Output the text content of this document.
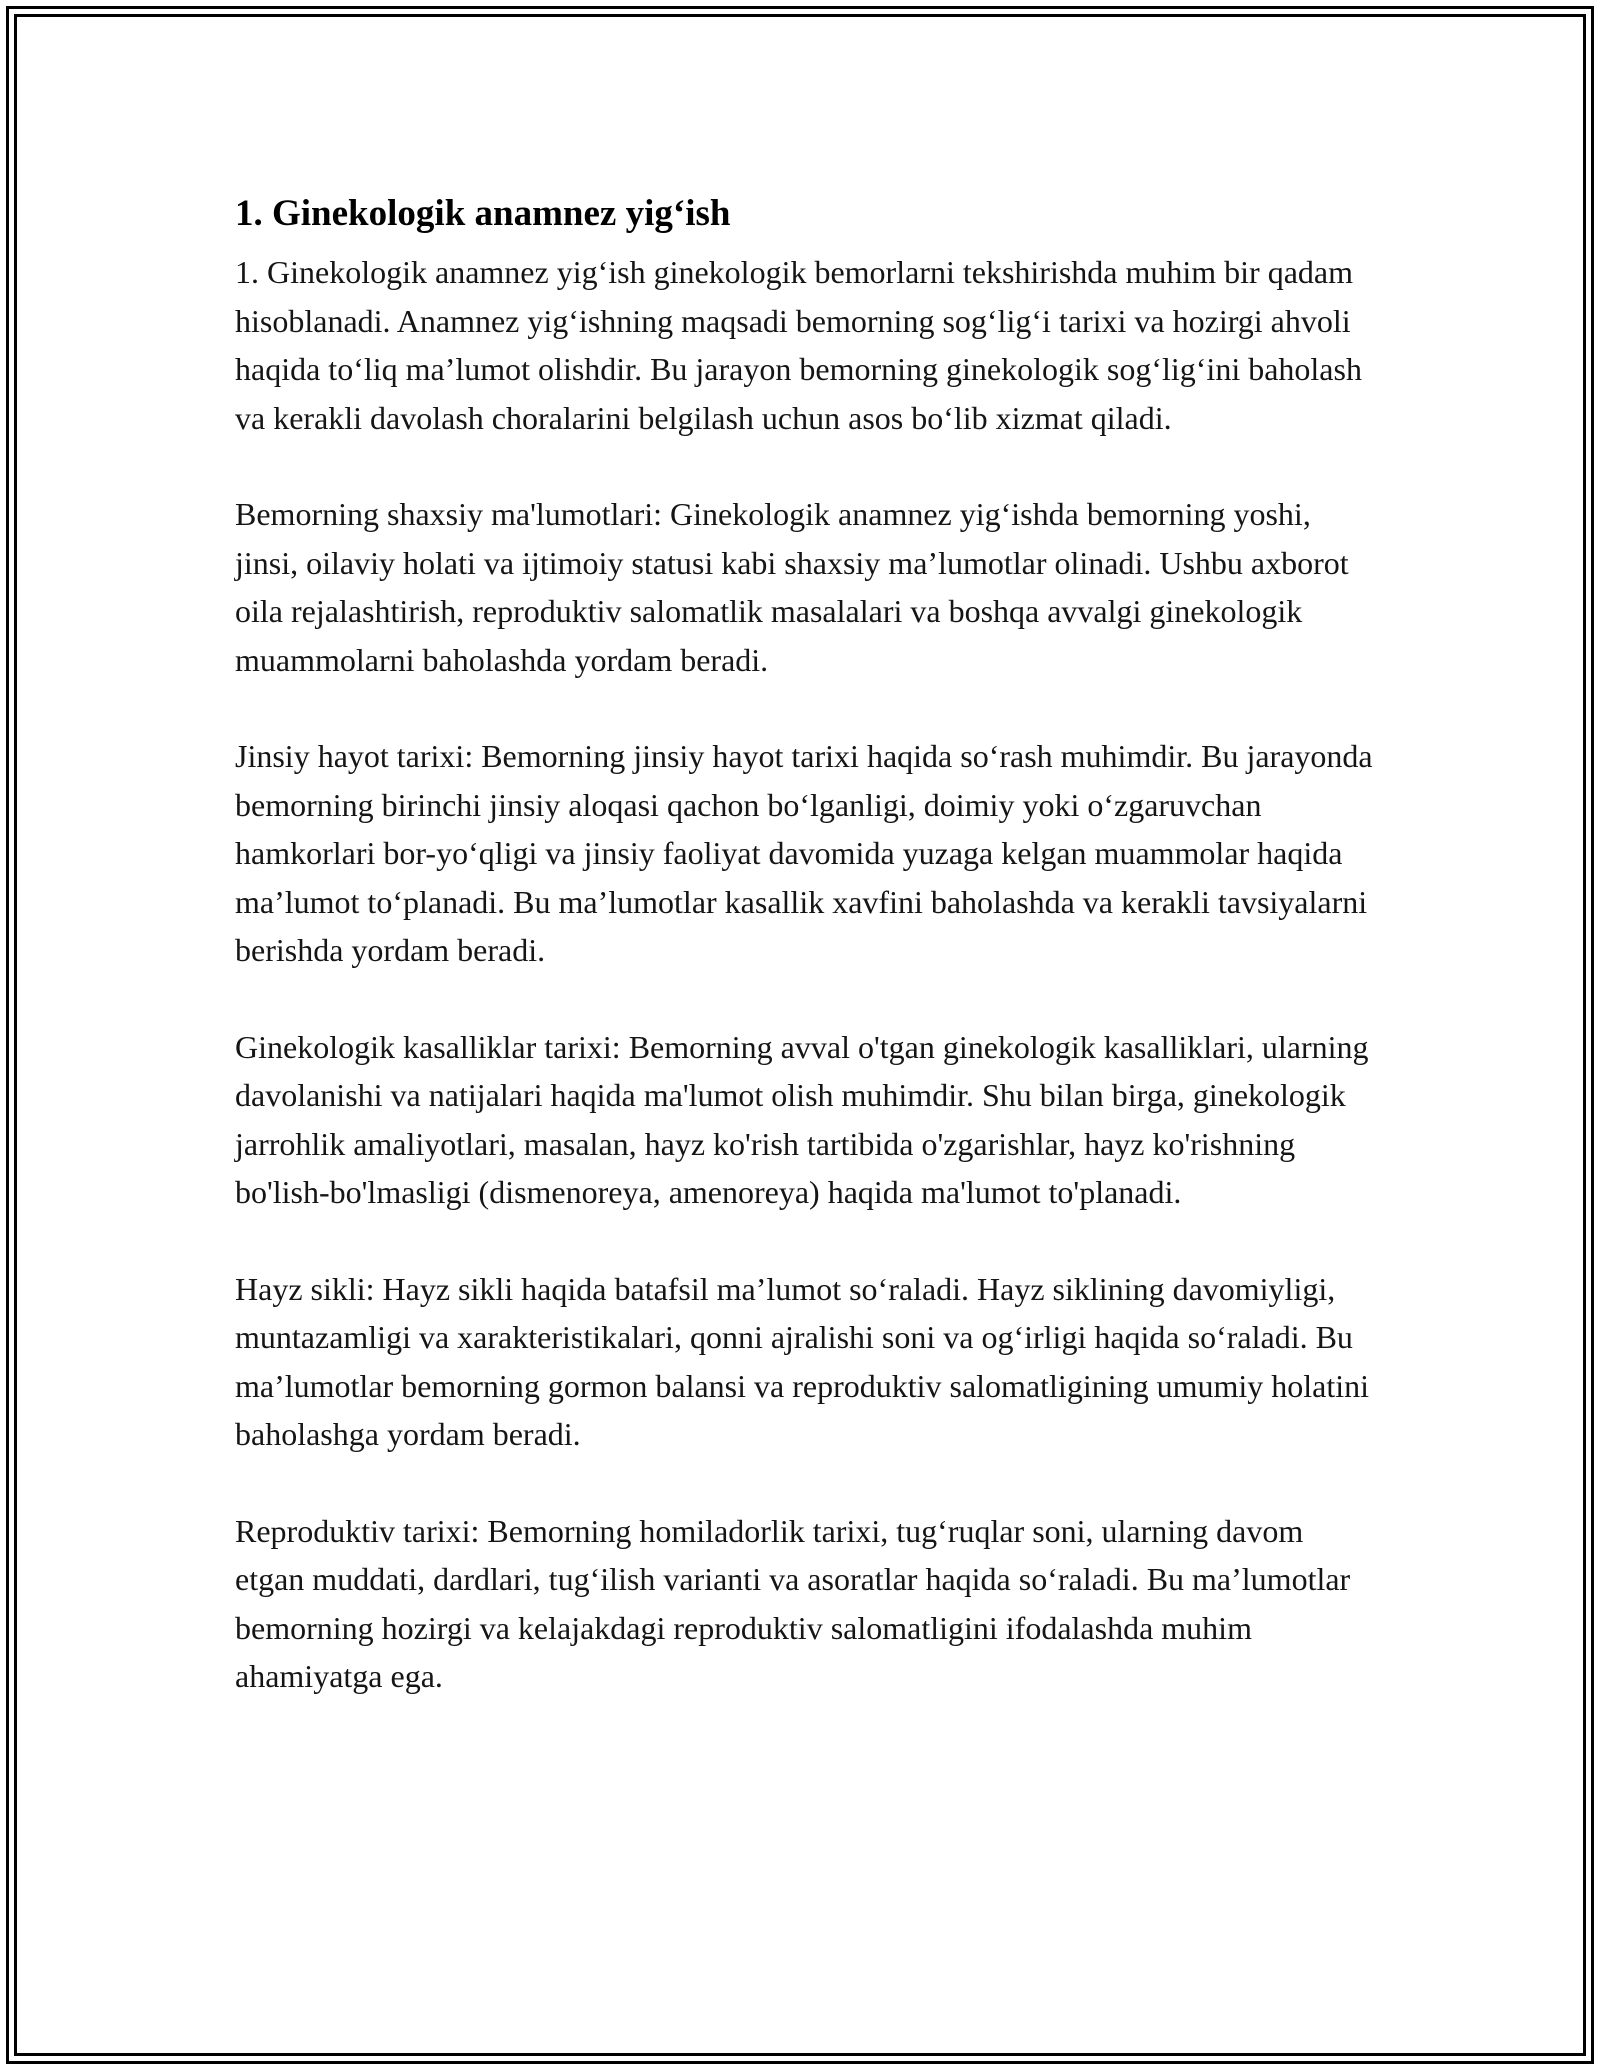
1. Ginekologik anamnez yig‘ish

1. Ginekologik anamnez yig‘ish ginekologik bemorlarni tekshirishda muhim bir qadam hisoblanadi. Anamnez yig‘ishning maqsadi bemorning sog‘lig‘i tarixi va hozirgi ahvoli haqida to‘liq ma’lumot olishdir. Bu jarayon bemorning ginekologik sog‘lig‘ini baholash va kerakli davolash choralarini belgilash uchun asos bo‘lib xizmat qiladi.

Bemorning shaxsiy ma'lumotlari: Ginekologik anamnez yig‘ishda bemorning yoshi, jinsi, oilaviy holati va ijtimoiy statusi kabi shaxsiy ma’lumotlar olinadi. Ushbu axborot oila rejalashtirish, reproduktiv salomatlik masalalari va boshqa avvalgi ginekologik muammolarni baholashda yordam beradi.

Jinsiy hayot tarixi: Bemorning jinsiy hayot tarixi haqida so‘rash muhimdir. Bu jarayonda bemorning birinchi jinsiy aloqasi qachon bo‘lganligi, doimiy yoki o‘zgaruvchan hamkorlari bor-yo‘qligi va jinsiy faoliyat davomida yuzaga kelgan muammolar haqida ma’lumot to‘planadi. Bu ma’lumotlar kasallik xavfini baholashda va kerakli tavsiyalarni berishda yordam beradi.

Ginekologik kasalliklar tarixi: Bemorning avval o'tgan ginekologik kasalliklari, ularning davolanishi va natijalari haqida ma'lumot olish muhimdir. Shu bilan birga, ginekologik jarrohlik amaliyotlari, masalan, hayz ko'rish tartibida o'zgarishlar, hayz ko'rishning bo'lish-bo'lmasligi (dismenoreya, amenoreya) haqida ma'lumot to'planadi.

Hayz sikli: Hayz sikli haqida batafsil ma’lumot so‘raladi. Hayz siklining davomiyligi, muntazamligi va xarakteristikalari, qonni ajralishi soni va og‘irligi haqida so‘raladi. Bu ma’lumotlar bemorning gormon balansi va reproduktiv salomatligining umumiy holatini baholashga yordam beradi.

Reproduktiv tarixi: Bemorning homiladorlik tarixi, tug‘ruqlar soni, ularning davom etgan muddati, dardlari, tug‘ilish varianti va asoratlar haqida so‘raladi. Bu ma’lumotlar bemorning hozirgi va kelajakdagi reproduktiv salomatligini ifodalashda muhim ahamiyatga ega.
